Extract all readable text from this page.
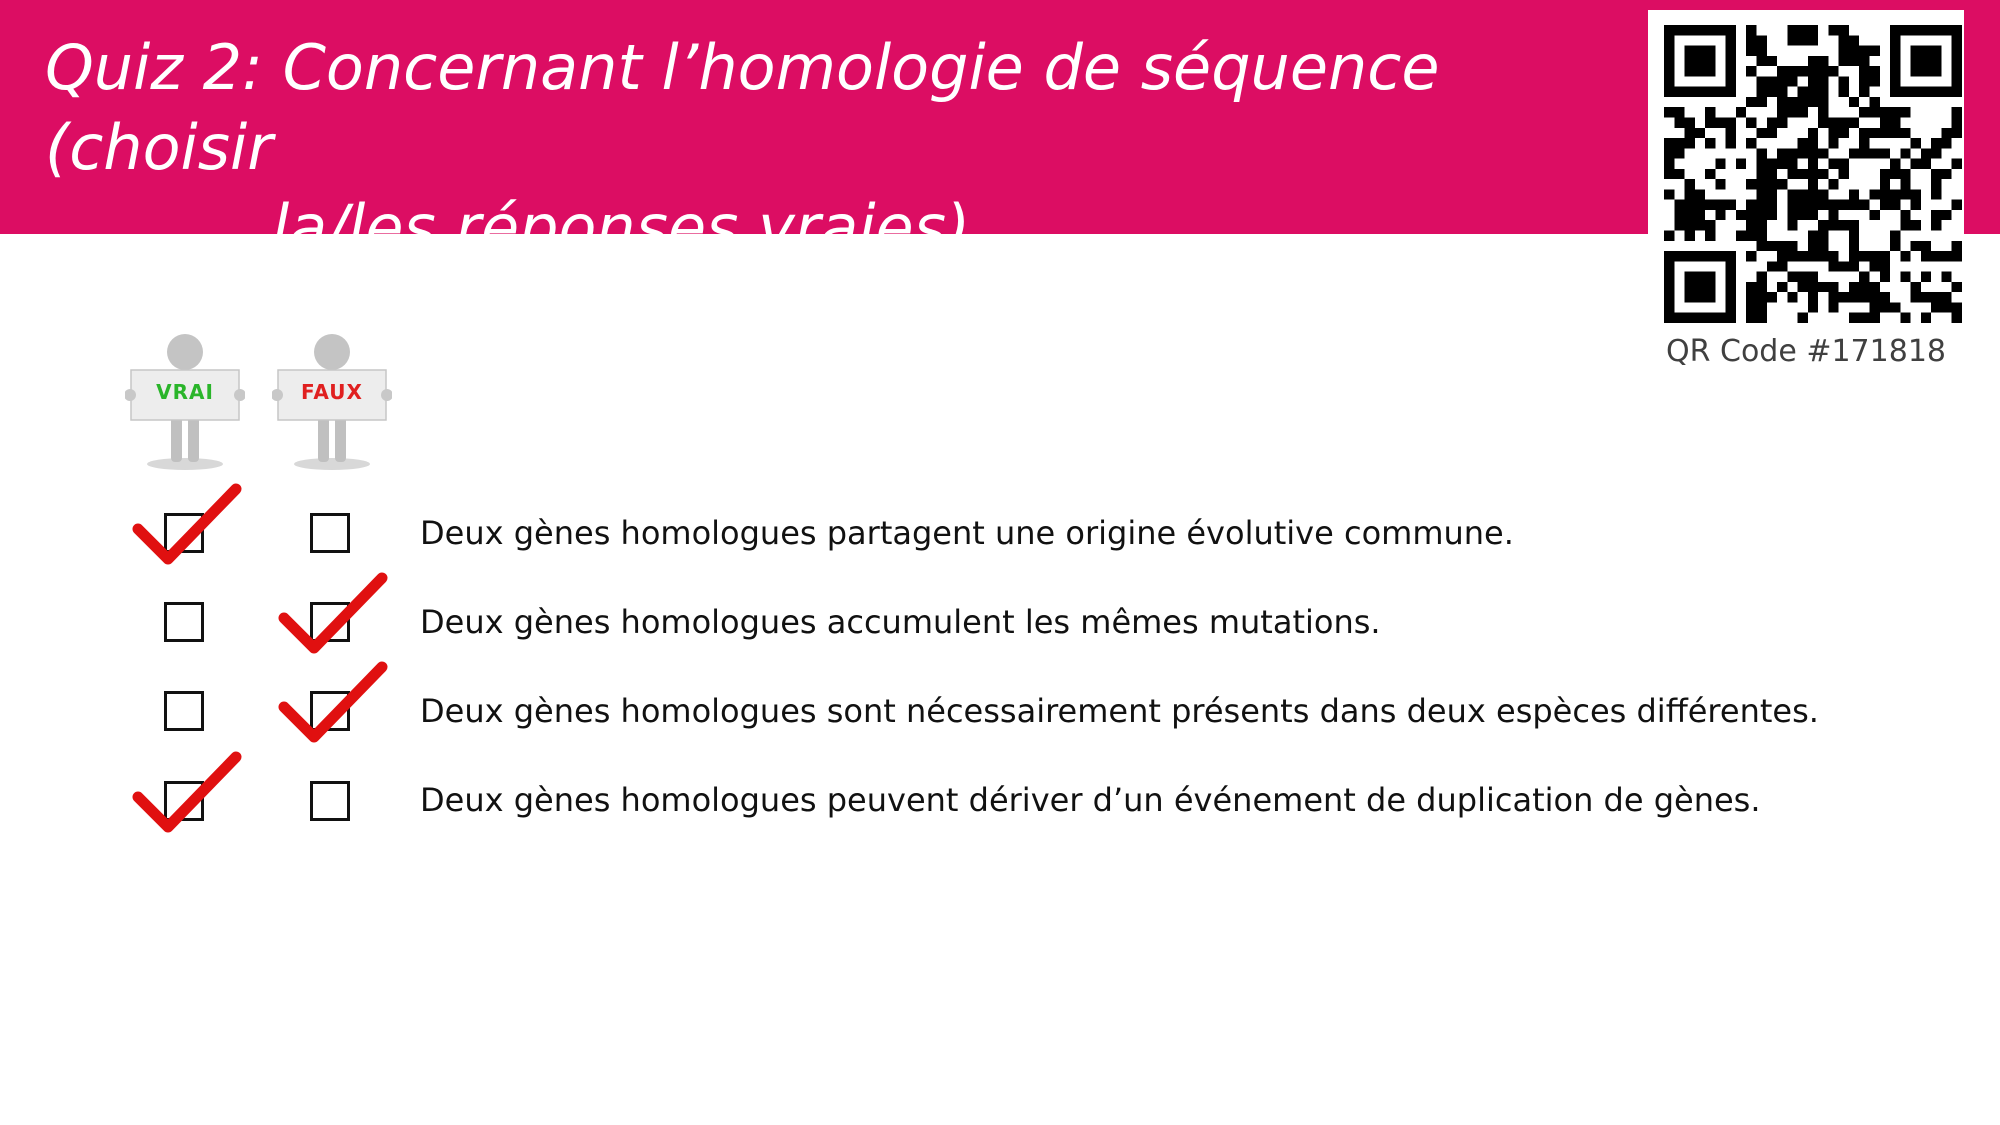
Quiz 2: Concernant l’homologie de séquence (choisir
la/les réponses vraies) …
QR Code #171818
VRAI	FAUX
Deux gènes homologues partagent une origine évolutive commune.
Deux gènes homologues accumulent les mêmes mutations.
Deux gènes homologues sont nécessairement présents dans deux espèces différentes.
Deux gènes homologues peuvent dériver d’un événement de duplication de gènes.
